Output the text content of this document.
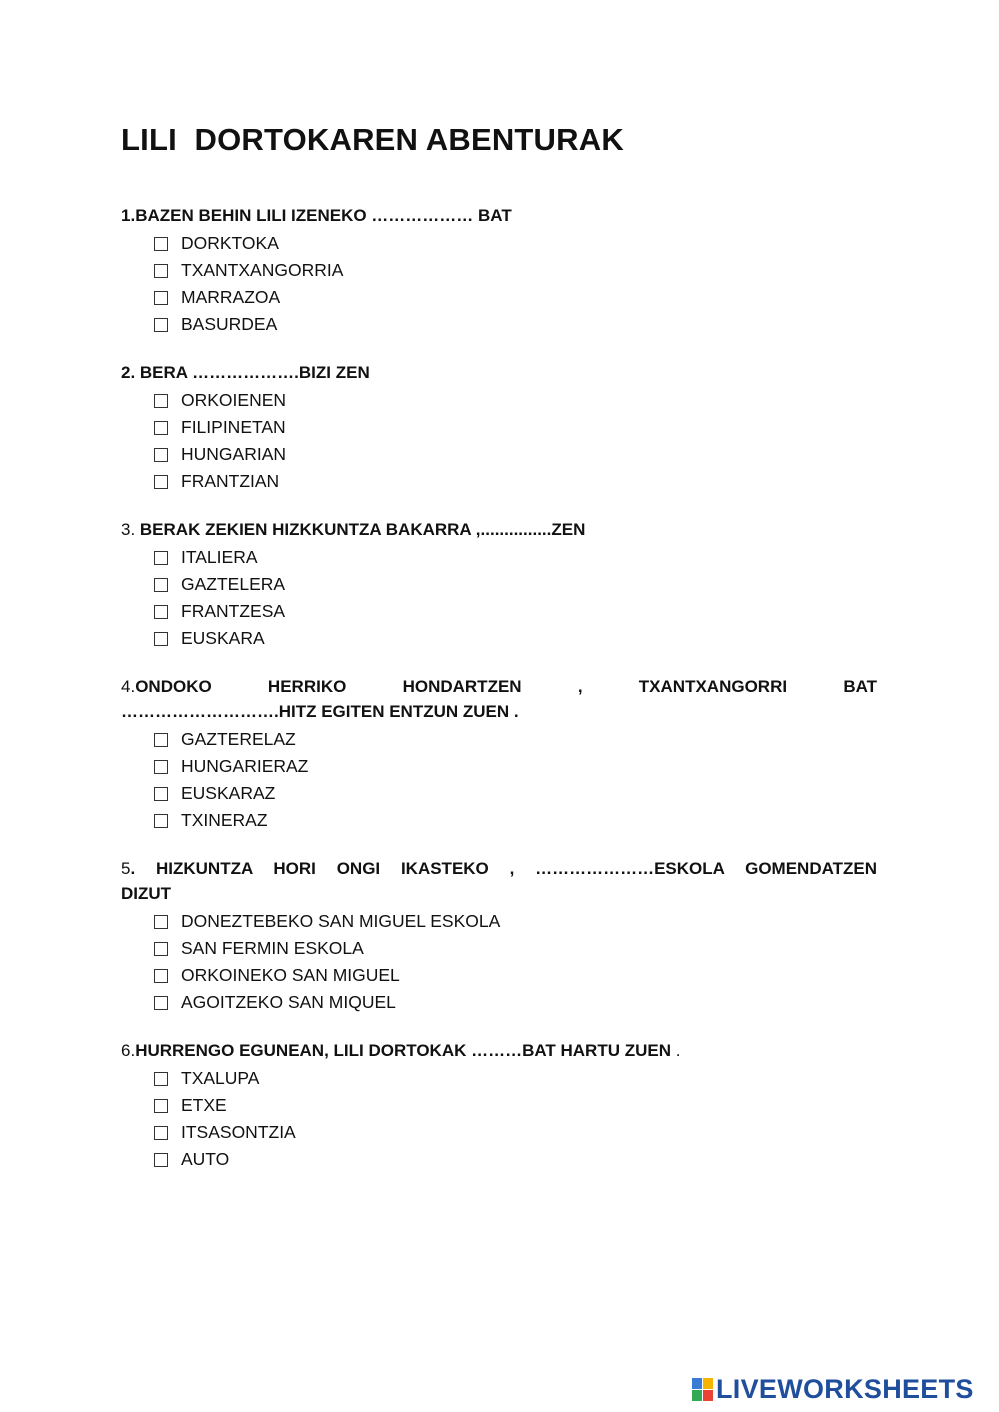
LILI  DORTOKAREN ABENTURAK

1.BAZEN BEHIN LILI IZENEKO ……………… BAT

DORKTOKA
TXANTXANGORRIA
MARRAZOA
BASURDEA

2. BERA ……………….BIZI ZEN

ORKOIENEN
FILIPINETAN
HUNGARIAN
FRANTZIAN

3. BERAK ZEKIEN HIZKKUNTZA BAKARRA ,...............ZEN

ITALIERA
GAZTELERA
FRANTZESA
EUSKARA

4.ONDOKO HERRIKO HONDARTZEN , TXANTXANGORRI BAT
……………………….HITZ EGITEN ENTZUN ZUEN .

GAZTERELAZ
HUNGARIERAZ
EUSKARAZ
TXINERAZ

5. HIZKUNTZA HORI ONGI IKASTEKO , …………………ESKOLA GOMENDATZEN
DIZUT

DONEZTEBEKO SAN MIGUEL ESKOLA
SAN FERMIN ESKOLA
ORKOINEKO SAN MIGUEL
AGOITZEKO SAN MIQUEL

6.HURRENGO EGUNEAN, LILI DORTOKAK ………BAT HARTU ZUEN .

TXALUPA
ETXE
ITSASONTZIA
AUTO
LIVEWORKSHEETS
